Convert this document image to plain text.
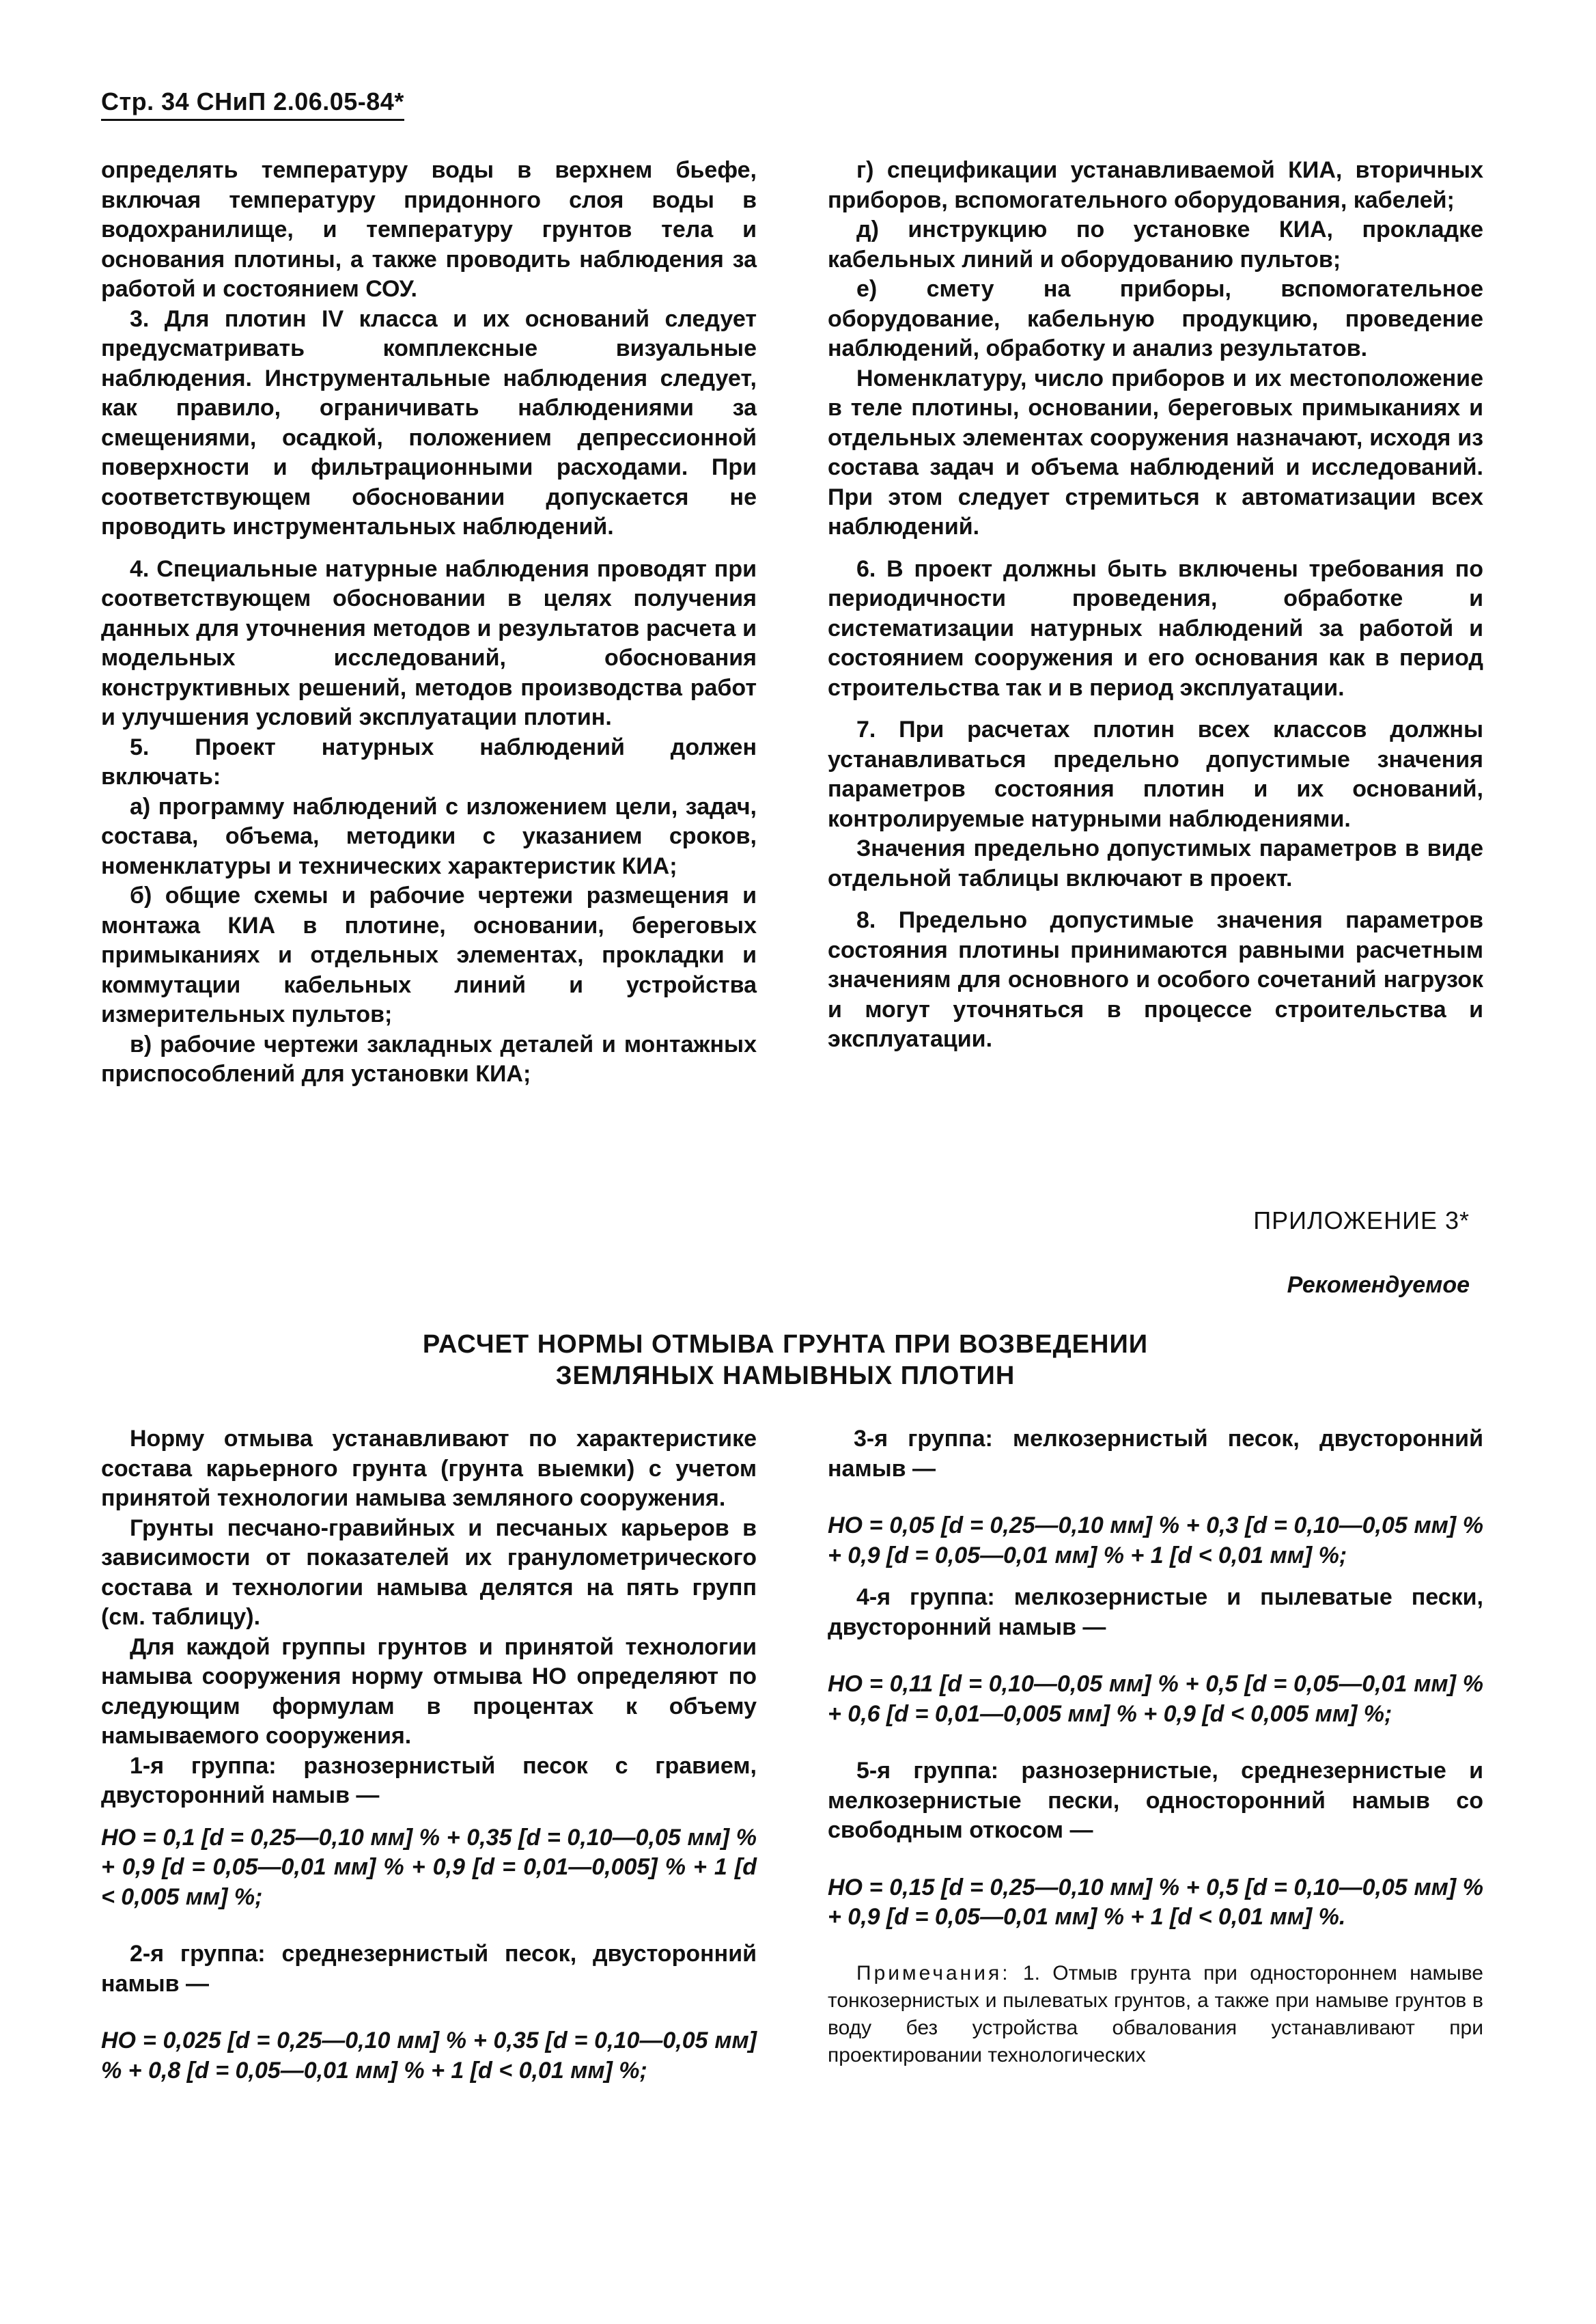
Стр. 34 СНиП 2.06.05-84*

определять температуру воды в верхнем бьефе, включая температуру придонного слоя воды в водохранилище, и температуру грунтов тела и основания плотины, а также проводить наблюдения за работой и состоянием СОУ.

3. Для плотин IV класса и их оснований следует предусматривать комплексные визуальные наблюдения. Инструментальные наблюдения следует, как правило, ограничивать наблюдениями за смещениями, осадкой, положением депрессионной поверхности и фильтрационными расходами. При соответствующем обосновании допускается не проводить инструментальных наблюдений.

4. Специальные натурные наблюдения проводят при соответствующем обосновании в целях получения данных для уточнения методов и результатов расчета и модельных исследований, обоснования конструктивных решений, методов производства работ и улучшения условий эксплуатации плотин.

5. Проект натурных наблюдений должен включать:

а) программу наблюдений с изложением цели, задач, состава, объема, методики с указанием сроков, номенклатуры и технических характеристик КИА;

б) общие схемы и рабочие чертежи размещения и монтажа КИА в плотине, основании, береговых примыканиях и отдельных элементах, прокладки и коммутации кабельных линий и устройства измерительных пультов;

в) рабочие чертежи закладных деталей и монтажных приспособлений для установки КИА;

г) спецификации устанавливаемой КИА, вторичных приборов, вспомогательного оборудования, кабелей;

д) инструкцию по установке КИА, прокладке кабельных линий и оборудованию пультов;

е) смету на приборы, вспомогательное оборудование, кабельную продукцию, проведение наблюдений, обработку и анализ результатов.

Номенклатуру, число приборов и их местоположение в теле плотины, основании, береговых примыканиях и отдельных элементах сооружения назначают, исходя из состава задач и объема наблюдений и исследований. При этом следует стремиться к автоматизации всех наблюдений.

6. В проект должны быть включены требования по периодичности проведения, обработке и систематизации натурных наблюдений за работой и состоянием сооружения и его основания как в период строительства так и в период эксплуатации.

7. При расчетах плотин всех классов должны устанавливаться предельно допустимые значения параметров состояния плотин и их оснований, контролируемые натурными наблюдениями.

Значения предельно допустимых параметров в виде отдельной таблицы включают в проект.

8. Предельно допустимые значения параметров состояния плотины принимаются равными расчетным значениям для основного и особого сочетаний нагрузок и могут уточняться в процессе строительства и эксплуатации.

ПРИЛОЖЕНИЕ 3*
Рекомендуемое
РАСЧЕТ НОРМЫ ОТМЫВА ГРУНТА ПРИ ВОЗВЕДЕНИИ
ЗЕМЛЯНЫХ НАМЫВНЫХ ПЛОТИН

Норму отмыва устанавливают по характеристике состава карьерного грунта (грунта выемки) с учетом принятой технологии намыва земляного сооружения.

Грунты песчано-гравийных и песчаных карьеров в зависимости от показателей их гранулометрического состава и технологии намыва делятся на пять групп (см. таблицу).

Для каждой группы грунтов и принятой технологии намыва сооружения норму отмыва НО определяют по следующим формулам в процентах к объему намываемого сооружения.

1-я группа: разнозернистый песок с гравием, двусторонний намыв —

НО = 0,1 [d = 0,25—0,10 мм] % + 0,35 [d = 0,10—0,05 мм] % + 0,9 [d = 0,05—0,01 мм] % + 0,9 [d = 0,01—0,005] % + 1 [d < 0,005 мм] %;

2-я группа: среднезернистый песок, двусторонний намыв —

НО = 0,025 [d = 0,25—0,10 мм] % + 0,35 [d = 0,10—0,05 мм] % + 0,8 [d = 0,05—0,01 мм] % + 1 [d < 0,01 мм] %;

3-я группа: мелкозернистый песок, двусторонний намыв —

НО = 0,05 [d = 0,25—0,10 мм] % + 0,3 [d = 0,10—0,05 мм] % + 0,9 [d = 0,05—0,01 мм] % + 1 [d < 0,01 мм] %;

4-я группа: мелкозернистые и пылеватые пески, двусторонний намыв —

НО = 0,11 [d = 0,10—0,05 мм] % + 0,5 [d = 0,05—0,01 мм] % + 0,6 [d = 0,01—0,005 мм] % + 0,9 [d < 0,005 мм] %;

5-я группа: разнозернистые, среднезернистые и мелкозернистые пески, односторонний намыв со свободным откосом —

НО = 0,15 [d = 0,25—0,10 мм] % + 0,5 [d = 0,10—0,05 мм] % + 0,9 [d = 0,05—0,01 мм] % + 1 [d < 0,01 мм] %.

Примечания: 1. Отмыв грунта при одностороннем намыве тонкозернистых и пылеватых грунтов, а также при намыве грунтов в воду без устройства обвалования устанавливают при проектировании технологических
